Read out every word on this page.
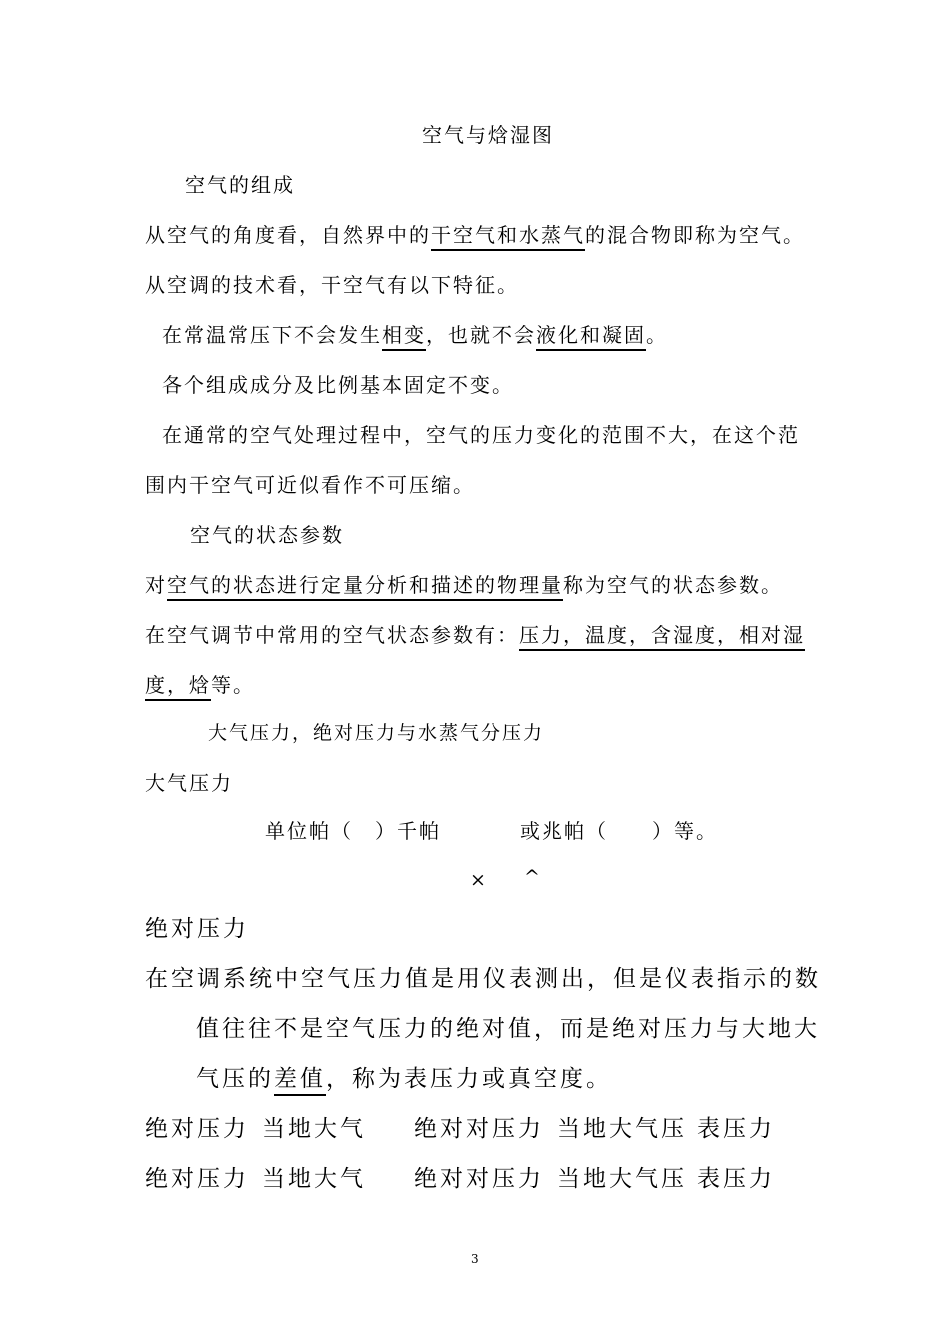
空气与焓湿图
空气的组成
从空气的角度看，自然界中的干空气和水蒸气的混合物即称为空气。
从空调的技术看，干空气有以下特征。
在常温常压下不会发生相变，也就不会液化和凝固。
各个组成成分及比例基本固定不变。
在通常的空气处理过程中，空气的压力变化的范围不大，在这个范
围内干空气可近似看作不可压缩。
空气的状态参数
对空气的状态进行定量分析和描述的物理量称为空气的状态参数。
在空气调节中常用的空气状态参数有：压力，温度，含湿度，相对湿
度，焓等。
大气压力，绝对压力与水蒸气分压力
大气压力
单位帕（　）千帕	或兆帕（　　）等。
× ^
绝对压力
在空调系统中空气压力值是用仪表测出，但是仪表指示的数
值往往不是空气压力的绝对值，而是绝对压力与大地大
气压的差值，称为表压力或真空度。
绝对压力 当地大气 绝对对压力 当地大气压 表压力
绝对压力 当地大气 绝对对压力 当地大气压 表压力
3
